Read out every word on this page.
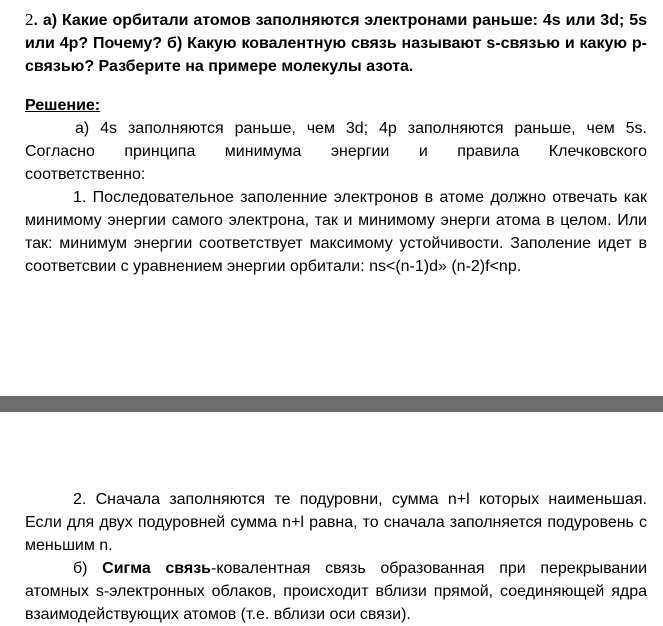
2. а) Какие орбитали атомов заполняются электронами раньше: 4s или 3d; 5s или 4p? Почему? б) Какую ковалентную связь называют s-связью и какую p-связью? Разберите на примере молекулы азота.
Решение:
а) 4s заполняются раньше, чем 3d; 4p заполняются раньше, чем 5s.
Согласно принципа минимума энергии и правила Клечковского
соответственно:

1. Последовательное заполенние электронов в атоме должно отвечать как минимому энергии самого электрона, так и минимому энерги атома в целом. Или так: минимум энергии соответствует максимому устойчивости. Заполение идет в соответсвии с уравнением энергии орбитали: ns<(n-1)d» (n-2)f<np.

2. Сначала заполняются те подуровни, сумма n+l которых наименьшая. Если для двух подуровней сумма n+l равна, то сначала заполняется подуровень с меньшим n.

б) Сигма связь-ковалентная связь образованная при перекрывании атомных s-электронных облаков, происходит вблизи прямой, соединяющей ядра взаимодействующих атомов (т.е. вблизи оси связи).
